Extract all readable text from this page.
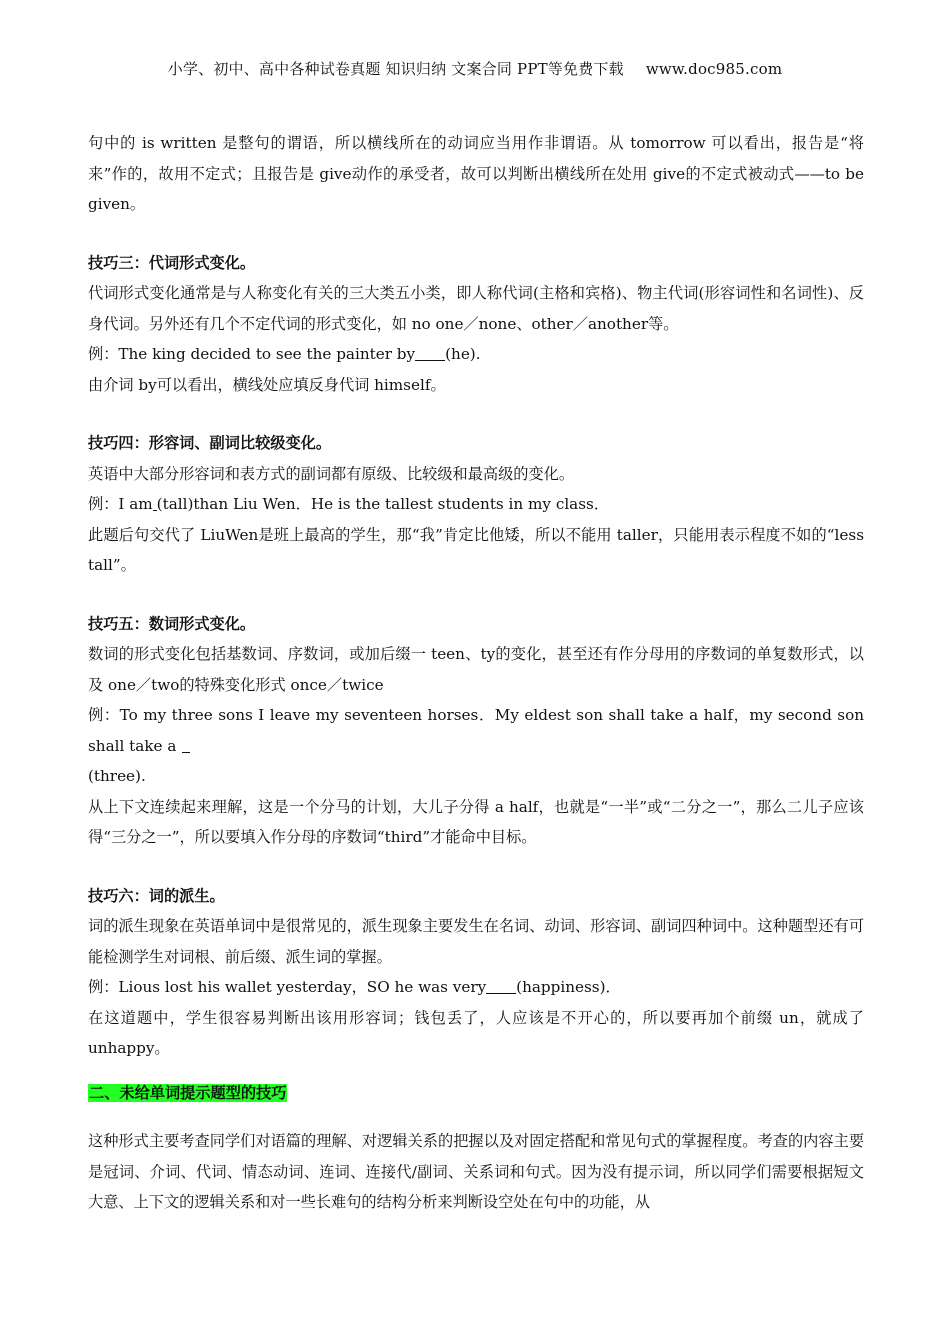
小学、初中、高中各种试卷真题 知识归纳 文案合同 PPT等免费下载 www.doc985.com

句中的 is written 是整句的谓语，所以横线所在的动词应当用作非谓语。从 tomorrow 可以看出，报告是“将来”作的，故用不定式；且报告是 give动作的承受者，故可以判断出横线所在处用 give的不定式被动式——to be given。

技巧三：代词形式变化。

代词形式变化通常是与人称变化有关的三大类五小类，即人称代词(主格和宾格)、物主代词(形容词性和名词性)、反身代词。另外还有几个不定代词的形式变化，如 no one／none、other／another等。

例：The king decided to see the painter by (he).

由介词 by可以看出，横线处应填反身代词 himself。

技巧四：形容词、副词比较级变化。

英语中大部分形容词和表方式的副词都有原级、比较级和最高级的变化。

例：I am (tall)than Liu Wen．He is the tallest students in my class．

此题后句交代了 LiuWen是班上最高的学生，那“我”肯定比他矮，所以不能用 taller，只能用表示程度不如的“less tall”。

技巧五：数词形式变化。

数词的形式变化包括基数词、序数词，或加后缀一 teen、ty的变化，甚至还有作分母用的序数词的单复数形式，以及 one／two的特殊变化形式 once／twice

例：To my three sons I leave my seventeen horses．My eldest son shall take a half，my second son shall take a
(three).

从上下文连续起来理解，这是一个分马的计划，大儿子分得 a half，也就是“一半”或“二分之一”，那么二儿子应该得“三分之一”，所以要填入作分母的序数词“third”才能命中目标。

技巧六：词的派生。

词的派生现象在英语单词中是很常见的，派生现象主要发生在名词、动词、形容词、副词四种词中。这种题型还有可能检测学生对词根、前后缀、派生词的掌握。

例：Lious lost his wallet yesterday，SO he was very (happiness)．

在这道题中，学生很容易判断出该用形容词；钱包丢了，人应该是不开心的，所以要再加个前缀 un，就成了 unhappy。

二、未给单词提示题型的技巧

这种形式主要考查同学们对语篇的理解、对逻辑关系的把握以及对固定搭配和常见句式的掌握程度。考查的内容主要是冠词、介词、代词、情态动词、连词、连接代/副词、关系词和句式。因为没有提示词，所以同学们需要根据短文大意、上下文的逻辑关系和对一些长难句的结构分析来判断设空处在句中的功能，从
